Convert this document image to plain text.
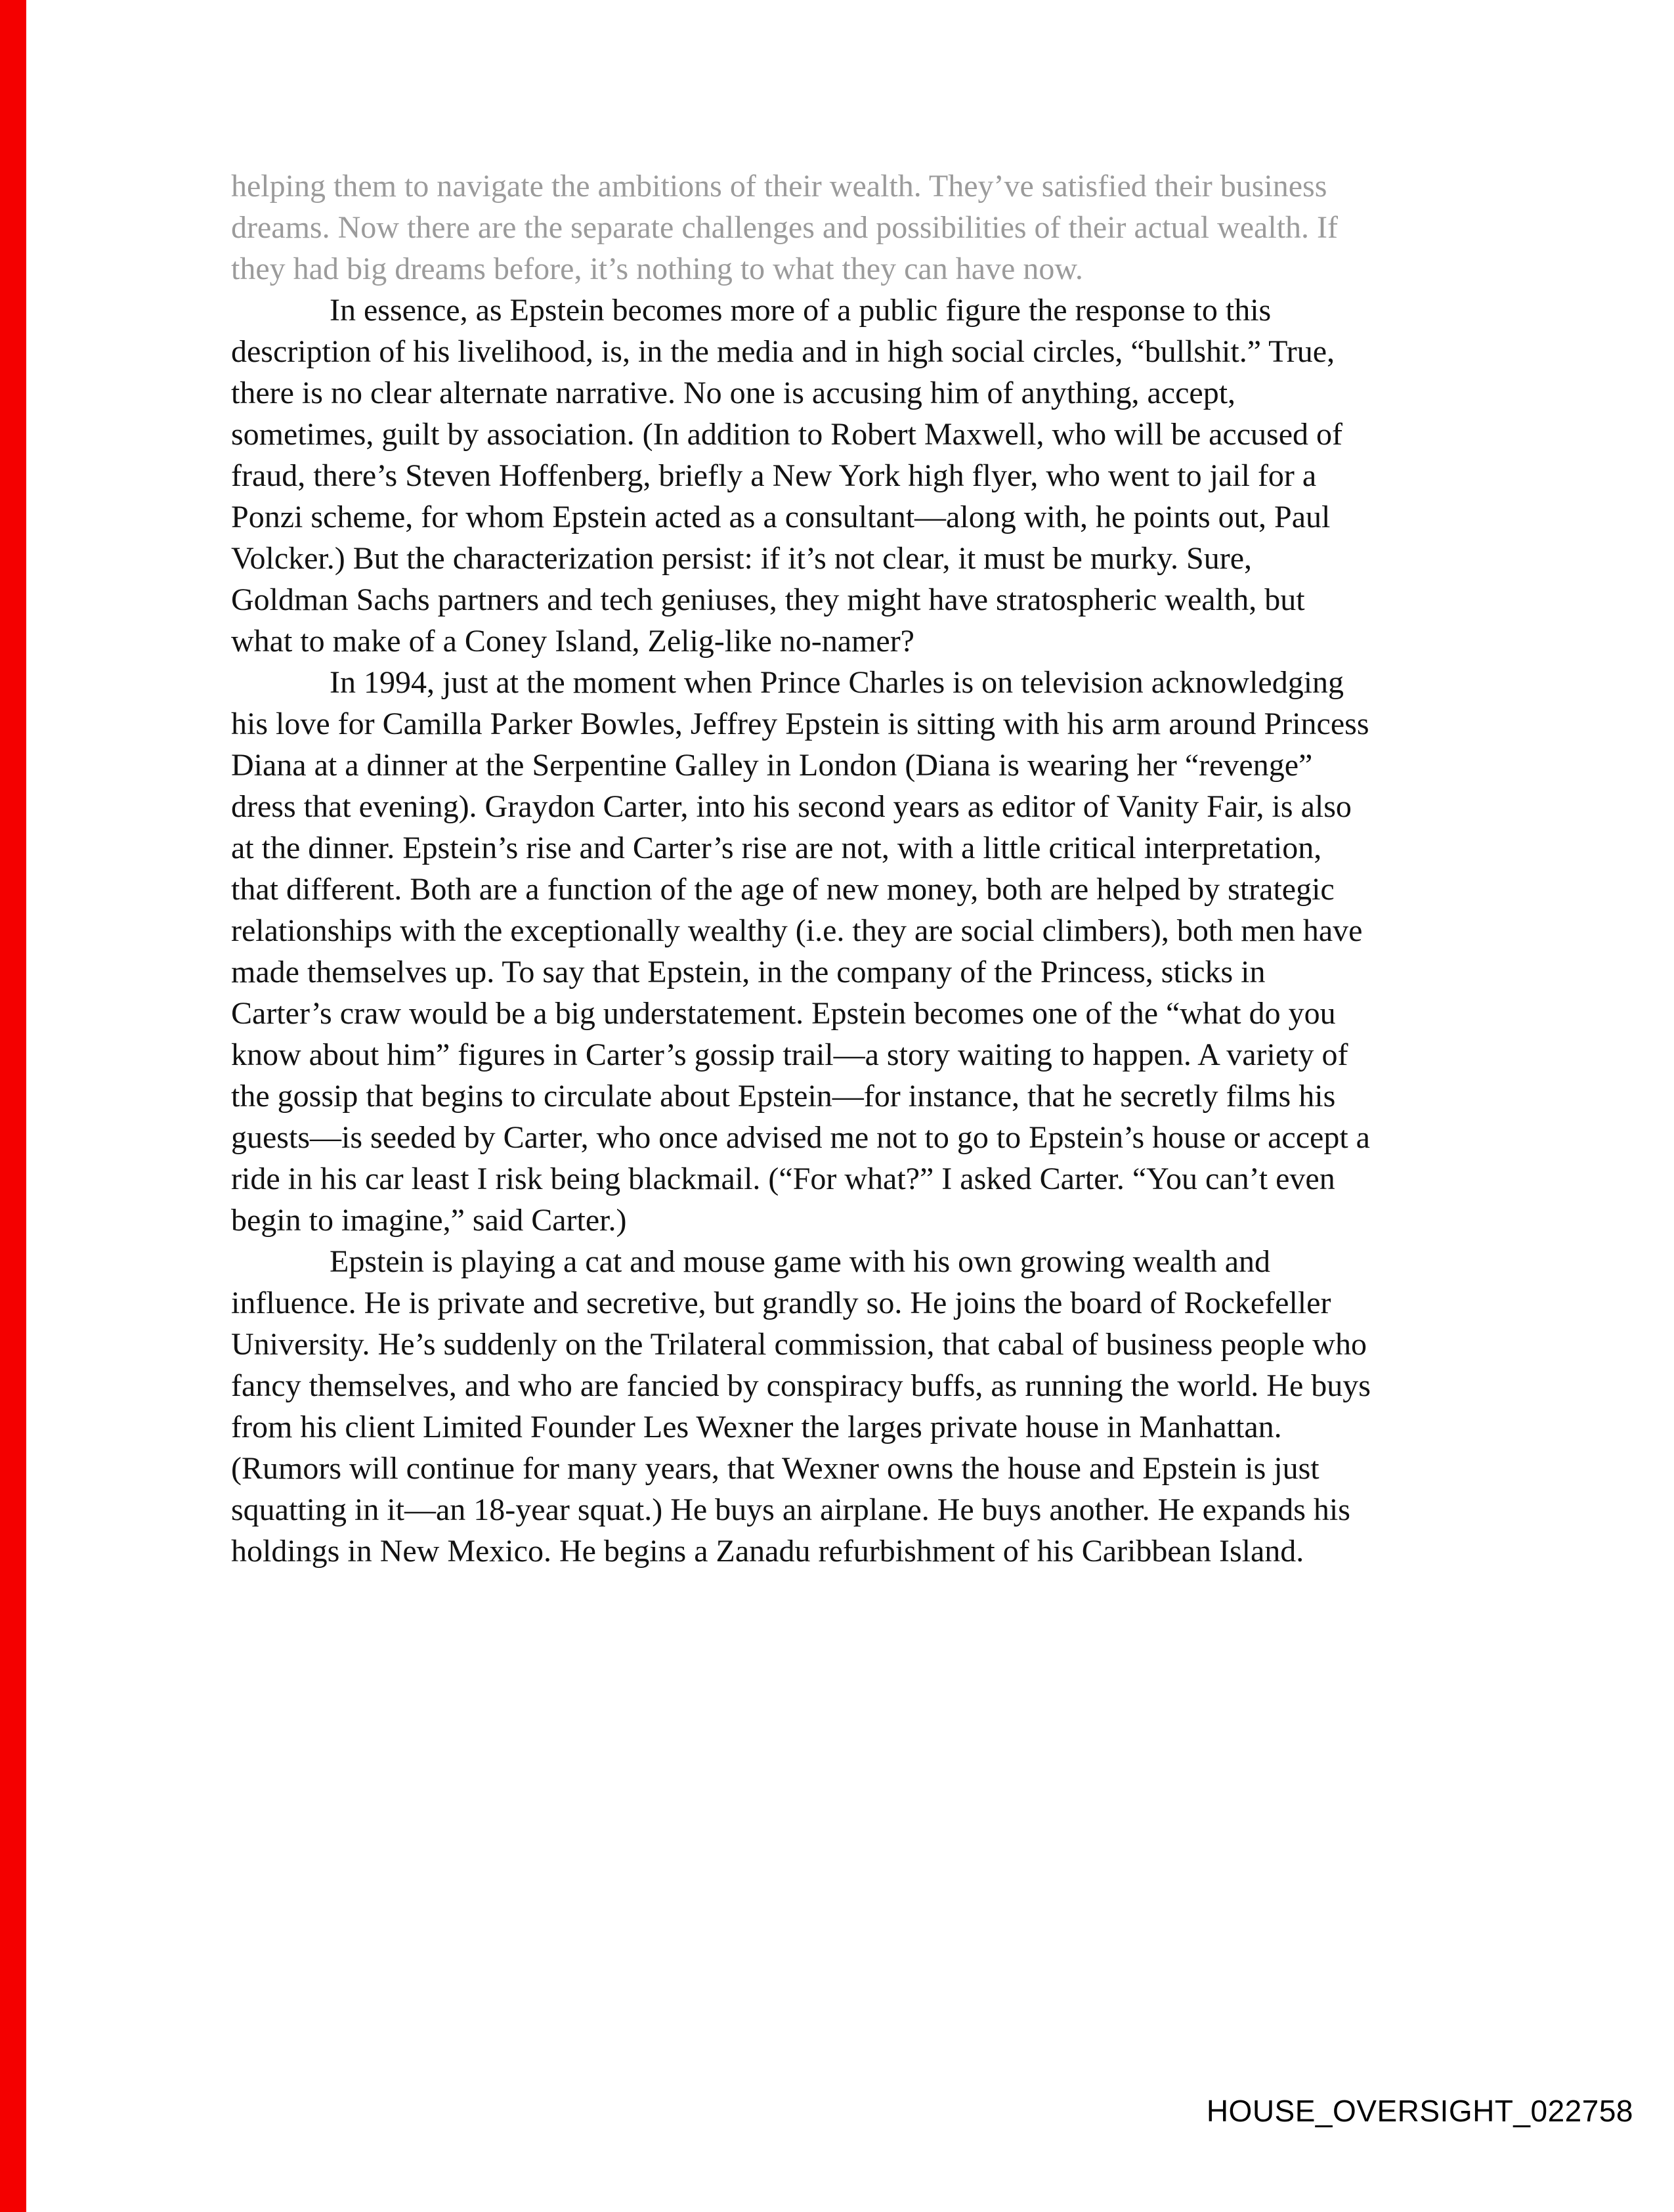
helping them to navigate the ambitions of their wealth. They’ve satisfied their business dreams. Now there are the separate challenges and possibilities of their actual wealth. If they had big dreams before, it’s nothing to what they can have now.

In essence, as Epstein becomes more of a public figure the response to this description of his livelihood, is, in the media and in high social circles, “bullshit.” True, there is no clear alternate narrative. No one is accusing him of anything, accept, sometimes, guilt by association. (In addition to Robert Maxwell, who will be accused of fraud, there’s Steven Hoffenberg, briefly a New York high flyer, who went to jail for a Ponzi scheme, for whom Epstein acted as a consultant—along with, he points out, Paul Volcker.) But the characterization persist: if it’s not clear, it must be murky. Sure, Goldman Sachs partners and tech geniuses, they might have stratospheric wealth, but what to make of a Coney Island, Zelig-like no-namer?

In 1994, just at the moment when Prince Charles is on television acknowledging his love for Camilla Parker Bowles, Jeffrey Epstein is sitting with his arm around Princess Diana at a dinner at the Serpentine Galley in London (Diana is wearing her “revenge” dress that evening). Graydon Carter, into his second years as editor of Vanity Fair, is also at the dinner. Epstein’s rise and Carter’s rise are not, with a little critical interpretation, that different. Both are a function of the age of new money, both are helped by strategic relationships with the exceptionally wealthy (i.e. they are social climbers), both men have made themselves up. To say that Epstein, in the company of the Princess, sticks in Carter’s craw would be a big understatement. Epstein becomes one of the “what do you know about him” figures in Carter’s gossip trail—a story waiting to happen. A variety of the gossip that begins to circulate about Epstein—for instance, that he secretly films his guests—is seeded by Carter, who once advised me not to go to Epstein’s house or accept a ride in his car least I risk being blackmail. (“For what?” I asked Carter. “You can’t even begin to imagine,” said Carter.)

Epstein is playing a cat and mouse game with his own growing wealth and influence. He is private and secretive, but grandly so. He joins the board of Rockefeller University. He’s suddenly on the Trilateral commission, that cabal of business people who fancy themselves, and who are fancied by conspiracy buffs, as running the world. He buys from his client Limited Founder Les Wexner the larges private house in Manhattan. (Rumors will continue for many years, that Wexner owns the house and Epstein is just squatting in it—an 18-year squat.) He buys an airplane. He buys another. He expands his holdings in New Mexico. He begins a Zanadu refurbishment of his Caribbean Island.

HOUSE_OVERSIGHT_022758
